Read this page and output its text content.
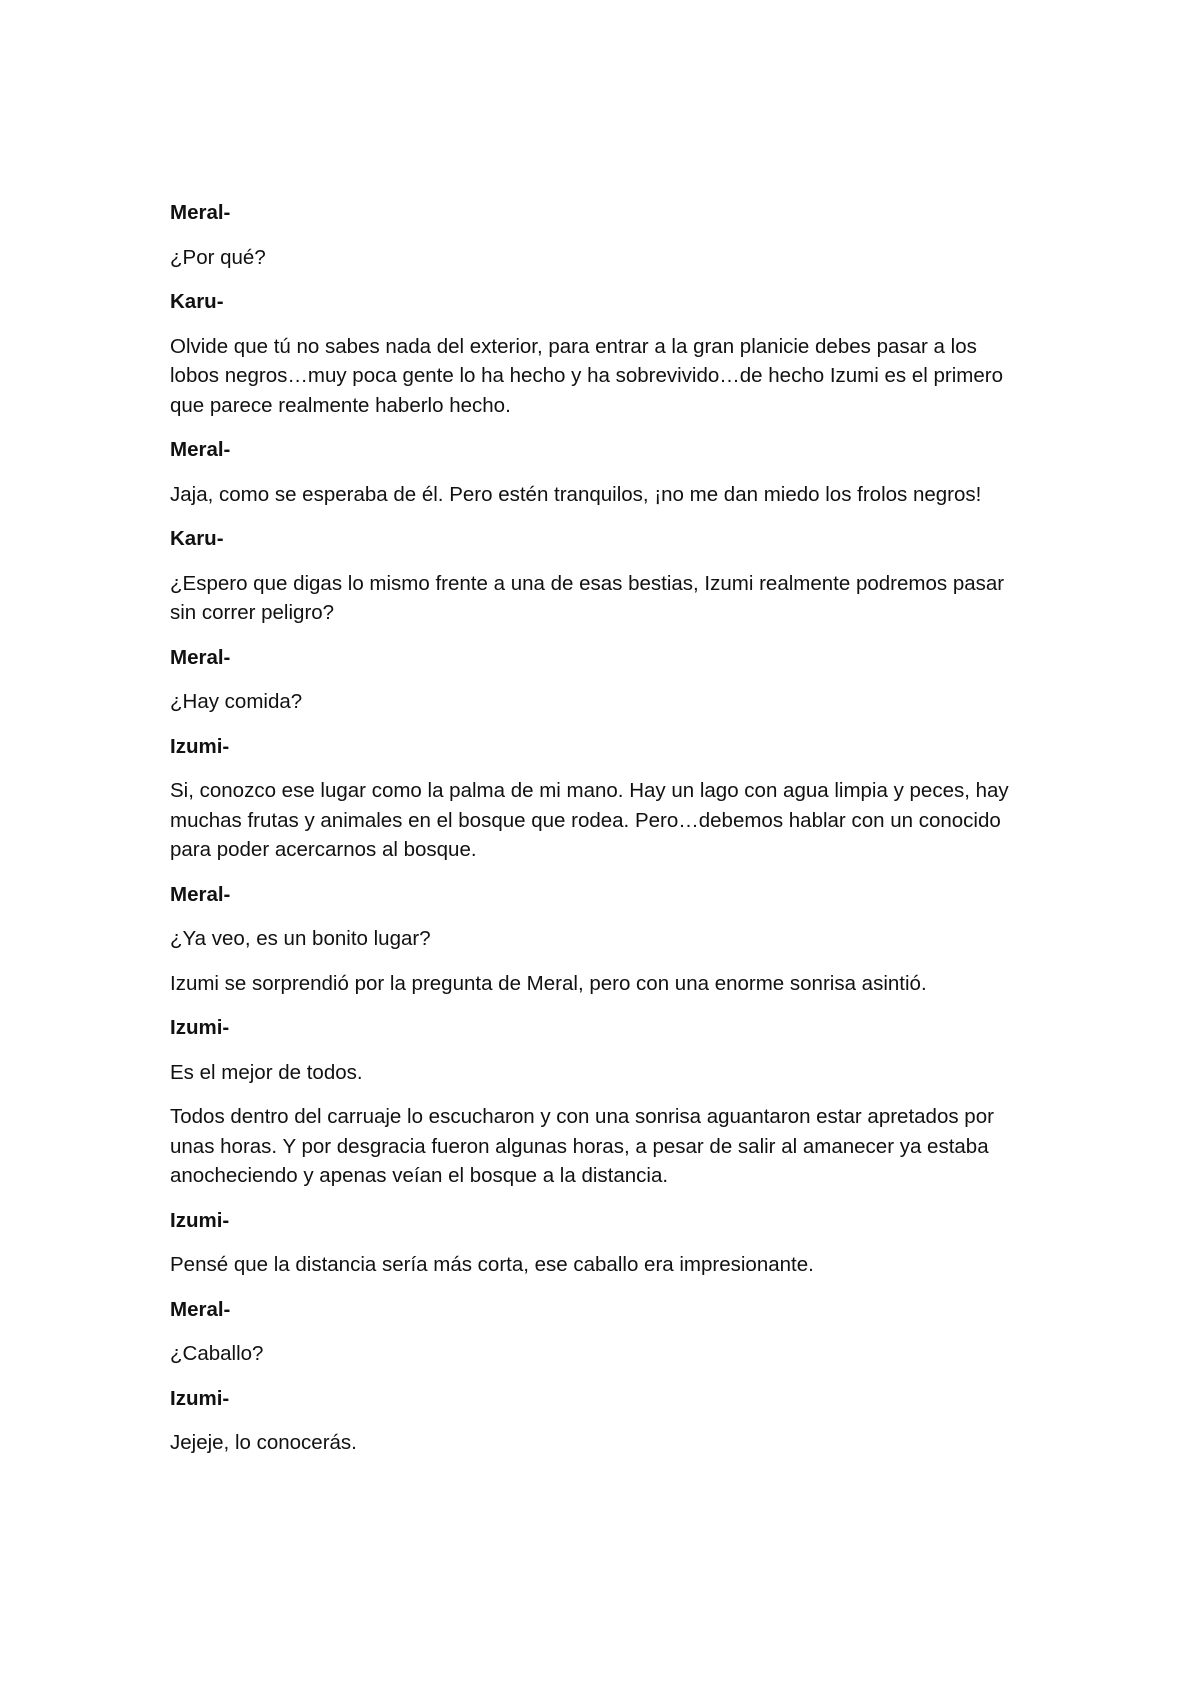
Meral-

¿Por qué?

Karu-

Olvide que tú no sabes nada del exterior, para entrar a la gran planicie debes pasar a los lobos negros…muy poca gente lo ha hecho y ha sobrevivido…de hecho Izumi es el primero que parece realmente haberlo hecho.

Meral-

Jaja, como se esperaba de él. Pero estén tranquilos, ¡no me dan miedo los frolos negros!

Karu-

¿Espero que digas lo mismo frente a una de esas bestias, Izumi realmente podremos pasar sin correr peligro?

Meral-

¿Hay comida?

Izumi-

Si, conozco ese lugar como la palma de mi mano. Hay un lago con agua limpia y peces, hay muchas frutas y animales en el bosque que rodea. Pero…debemos hablar con un conocido para poder acercarnos al bosque.

Meral-

¿Ya veo, es un bonito lugar?

Izumi se sorprendió por la pregunta de Meral, pero con una enorme sonrisa asintió.

Izumi-

Es el mejor de todos.

Todos dentro del carruaje lo escucharon y con una sonrisa aguantaron estar apretados por unas horas. Y por desgracia fueron algunas horas, a pesar de salir al amanecer ya estaba anocheciendo y apenas veían el bosque a la distancia.

Izumi-

Pensé que la distancia sería más corta, ese caballo era impresionante.

Meral-

¿Caballo?

Izumi-

Jejeje, lo conocerás.
